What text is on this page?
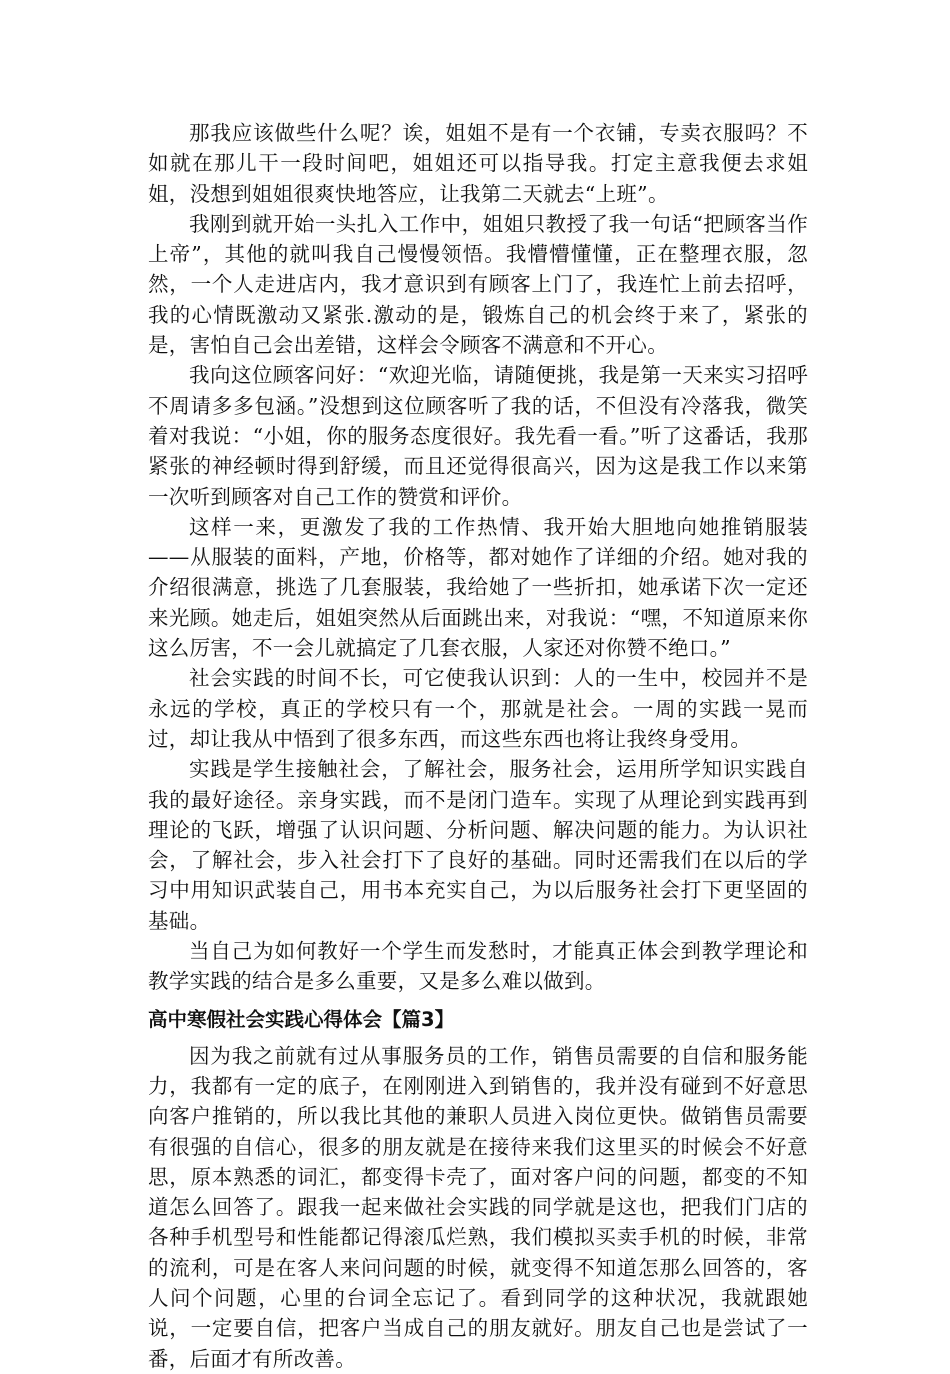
那我应该做些什么呢？诶，姐姐不是有一个衣铺，专卖衣服吗？不如就在那儿干一段时间吧，姐姐还可以指导我。打定主意我便去求姐姐，没想到姐姐很爽快地答应，让我第二天就去“上班”。

我刚到就开始一头扎入工作中，姐姐只教授了我一句话“把顾客当作上帝”，其他的就叫我自己慢慢领悟。我懵懵懂懂，正在整理衣服，忽然，一个人走进店内，我才意识到有顾客上门了，我连忙上前去招呼，我的心情既激动又紧张.激动的是，锻炼自己的机会终于来了，紧张的是，害怕自己会出差错，这样会令顾客不满意和不开心。

我向这位顾客问好：“欢迎光临，请随便挑，我是第一天来实习招呼不周请多多包涵。”没想到这位顾客听了我的话，不但没有冷落我，微笑着对我说：“小姐，你的服务态度很好。我先看一看。”听了这番话，我那紧张的神经顿时得到舒缓，而且还觉得很高兴，因为这是我工作以来第一次听到顾客对自己工作的赞赏和评价。

这样一来，更激发了我的工作热情、我开始大胆地向她推销服装——从服装的面料，产地，价格等，都对她作了详细的介绍。她对我的介绍很满意，挑选了几套服装，我给她了一些折扣，她承诺下次一定还来光顾。她走后，姐姐突然从后面跳出来，对我说：“嘿，不知道原来你这么厉害，不一会儿就搞定了几套衣服，人家还对你赞不绝口。”

社会实践的时间不长，可它使我认识到：人的一生中，校园并不是永远的学校，真正的学校只有一个，那就是社会。一周的实践一晃而过，却让我从中悟到了很多东西，而这些东西也将让我终身受用。

实践是学生接触社会，了解社会，服务社会，运用所学知识实践自我的最好途径。亲身实践，而不是闭门造车。实现了从理论到实践再到理论的飞跃，增强了认识问题、分析问题、解决问题的能力。为认识社会，了解社会，步入社会打下了良好的基础。同时还需我们在以后的学习中用知识武装自己，用书本充实自己，为以后服务社会打下更坚固的基础。

当自己为如何教好一个学生而发愁时，才能真正体会到教学理论和教学实践的结合是多么重要，又是多么难以做到。

高中寒假社会实践心得体会【篇3】

因为我之前就有过从事服务员的工作，销售员需要的自信和服务能力，我都有一定的底子，在刚刚进入到销售的，我并没有碰到不好意思向客户推销的，所以我比其他的兼职人员进入岗位更快。做销售员需要有很强的自信心，很多的朋友就是在接待来我们这里买的时候会不好意思，原本熟悉的词汇，都变得卡壳了，面对客户问的问题，都变的不知道怎么回答了。跟我一起来做社会实践的同学就是这也，把我们门店的各种手机型号和性能都记得滚瓜烂熟，我们模拟买卖手机的时候，非常的流利，可是在客人来问问题的时候，就变得不知道怎那么回答的，客人问个问题，心里的台词全忘记了。看到同学的这种状况，我就跟她说，一定要自信，把客户当成自己的朋友就好。朋友自己也是尝试了一番，后面才有所改善。
